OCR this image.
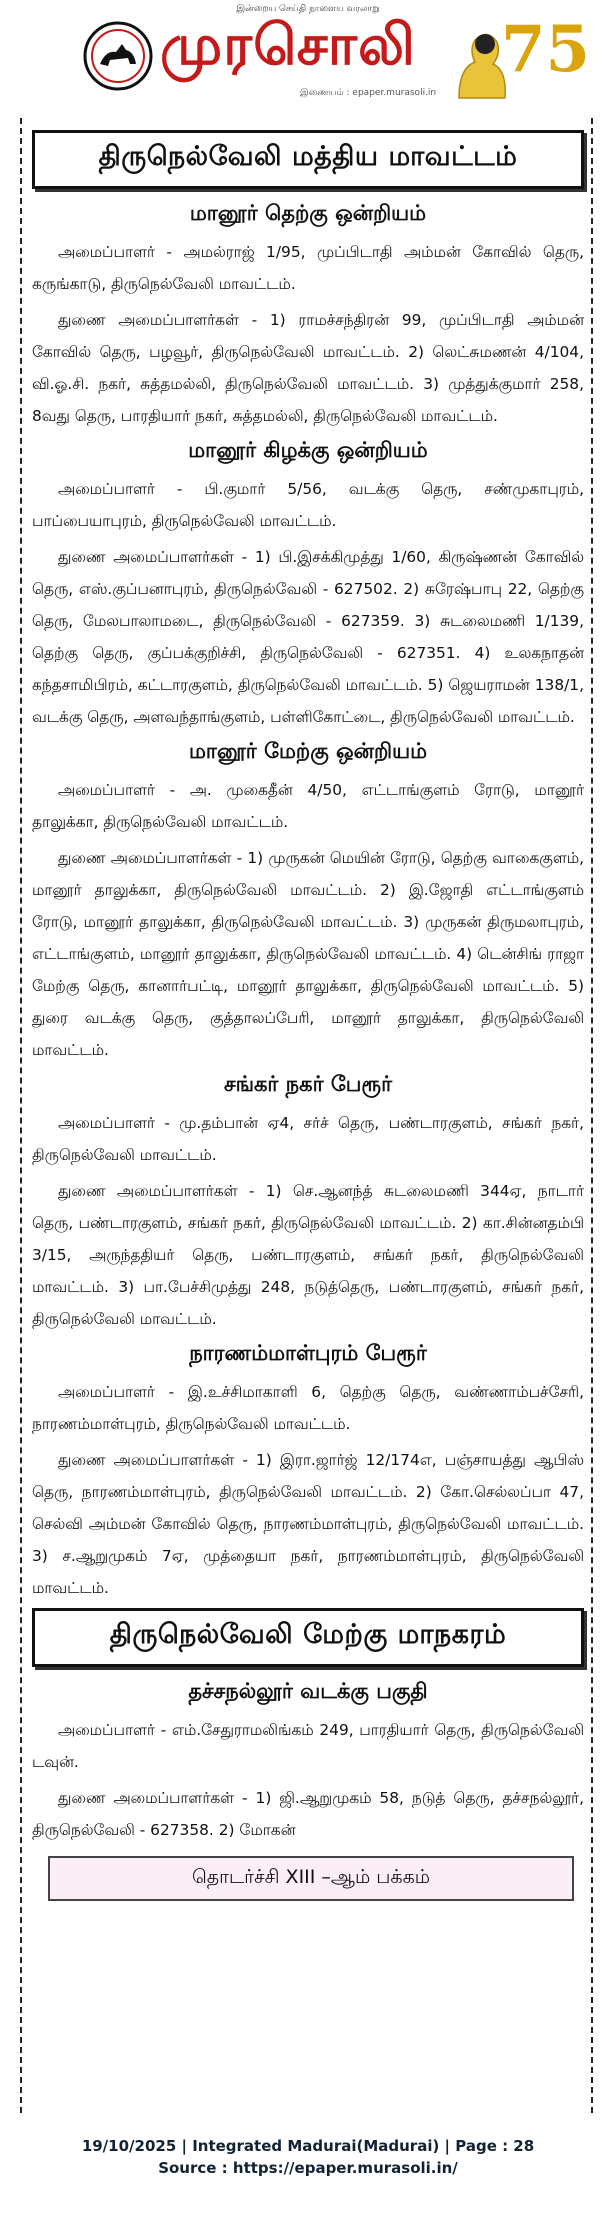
இன்றைய செய்தி நாளைய வரலாறு
முரசொலி
இணையம் : epaper.murasoli.in
75
திருநெல்வேலி மத்திய மாவட்டம்
மானூர் தெற்கு ஒன்றியம்

அமைப்பாளர் - அமல்ராஜ் 1/95, முப்பிடாதி அம்மன் கோவில் தெரு, கருங்காடு, திருநெல்வேலி மாவட்டம்.

துணை அமைப்பாளர்கள் - 1) ராமச்சந்திரன் 99, முப்பிடாதி அம்மன் கோவில் தெரு, பழவூர், திருநெல்வேலி மாவட்டம். 2) லெட்சுமணன் 4/104, வி.ஓ.சி. நகர், சுத்தமல்லி, திருநெல்வேலி மாவட்டம். 3) முத்துக்குமார் 258, 8வது தெரு, பாரதியார் நகர், சுத்தமல்லி, திருநெல்வேலி மாவட்டம்.

மானூர் கிழக்கு ஒன்றியம்

அமைப்பாளர் - பி.குமார் 5/56, வடக்கு தெரு, சண்முகாபுரம், பாப்பையாபுரம், திருநெல்வேலி மாவட்டம்.

துணை அமைப்பாளர்கள் - 1) பி.இசக்கிமுத்து 1/60, கிருஷ்ணன் கோவில் தெரு, எஸ்.குப்பனாபுரம், திருநெல்வேலி - 627502. 2) சுரேஷ்பாபு 22, தெற்கு தெரு, மேலபாலாமடை, திருநெல்வேலி - 627359. 3) சுடலைமணி 1/139, தெற்கு தெரு, குப்பக்குறிச்சி, திருநெல்வேலி - 627351. 4) உலகநாதன் கந்தசாமிபிரம், கட்டாரகுளம், திருநெல்வேலி மாவட்டம். 5) ஜெயராமன் 138/1, வடக்கு தெரு, அளவந்தாங்குளம், பள்ளிகோட்டை, திருநெல்வேலி மாவட்டம்.

மானூர் மேற்கு ஒன்றியம்

அமைப்பாளர் - அ. முகைதீன் 4/50, எட்டாங்குளம் ரோடு, மானூர் தாலுக்கா, திருநெல்வேலி மாவட்டம்.

துணை அமைப்பாளர்கள் - 1) முருகன் மெயின் ரோடு, தெற்கு வாகைகுளம், மானூர் தாலுக்கா, திருநெல்வேலி மாவட்டம். 2) இ.ஜோதி எட்டாங்குளம் ரோடு, மானூர் தாலுக்கா, திருநெல்வேலி மாவட்டம். 3) முருகன் திருமலாபுரம், எட்டாங்குளம், மானூர் தாலுக்கா, திருநெல்வேலி மாவட்டம். 4) டென்சிங் ராஜா மேற்கு தெரு, கானார்பட்டி, மானூர் தாலுக்கா, திருநெல்வேலி மாவட்டம். 5) துரை வடக்கு தெரு, குத்தாலப்பேரி, மானூர் தாலுக்கா, திருநெல்வேலி மாவட்டம்.

சங்கர் நகர் பேரூர்

அமைப்பாளர் - மு.தம்பான் ஏ4, சர்ச் தெரு, பண்டாரகுளம், சங்கர் நகர், திருநெல்வேலி மாவட்டம்.

துணை அமைப்பாளர்கள் - 1) செ.ஆனந்த் சுடலைமணி 344ஏ, நாடார் தெரு, பண்டாரகுளம், சங்கர் நகர், திருநெல்வேலி மாவட்டம். 2) கா.சின்னதம்பி 3/15, அருந்ததியர் தெரு, பண்டாரகுளம், சங்கர் நகர், திருநெல்வேலி மாவட்டம். 3) பா.பேச்சிமுத்து 248, நடுத்தெரு, பண்டாரகுளம், சங்கர் நகர், திருநெல்வேலி மாவட்டம்.

நாரணம்மாள்புரம் பேரூர்

அமைப்பாளர் - இ.உச்சிமாகாளி 6, தெற்கு தெரு, வண்ணாம்பச்சேரி, நாரணம்மாள்புரம், திருநெல்வேலி மாவட்டம்.

துணை அமைப்பாளர்கள் - 1) இரா.ஜார்ஜ் 12/174எ, பஞ்சாயத்து ஆபிஸ் தெரு, நாரணம்மாள்புரம், திருநெல்வேலி மாவட்டம். 2) கோ.செல்லப்பா 47, செல்வி அம்மன் கோவில் தெரு, நாரணம்மாள்புரம், திருநெல்வேலி மாவட்டம். 3) ச.ஆறுமுகம் 7ஏ, முத்தையா நகர், நாரணம்மாள்புரம், திருநெல்வேலி மாவட்டம்.

திருநெல்வேலி மேற்கு மாநகரம்
தச்சநல்லூர் வடக்கு பகுதி

அமைப்பாளர் - எம்.சேதுராமலிங்கம் 249, பாரதியார் தெரு, திருநெல்வேலி டவுன்.

துணை அமைப்பாளர்கள் - 1) ஜி.ஆறுமுகம் 58, நடுத் தெரு, தச்சநல்லூர், திருநெல்வேலி - 627358. 2) மோகன்

தொடர்ச்சி XIII –ஆம் பக்கம்
19/10/2025 | Integrated Madurai(Madurai) | Page : 28
Source : https://epaper.murasoli.in/
